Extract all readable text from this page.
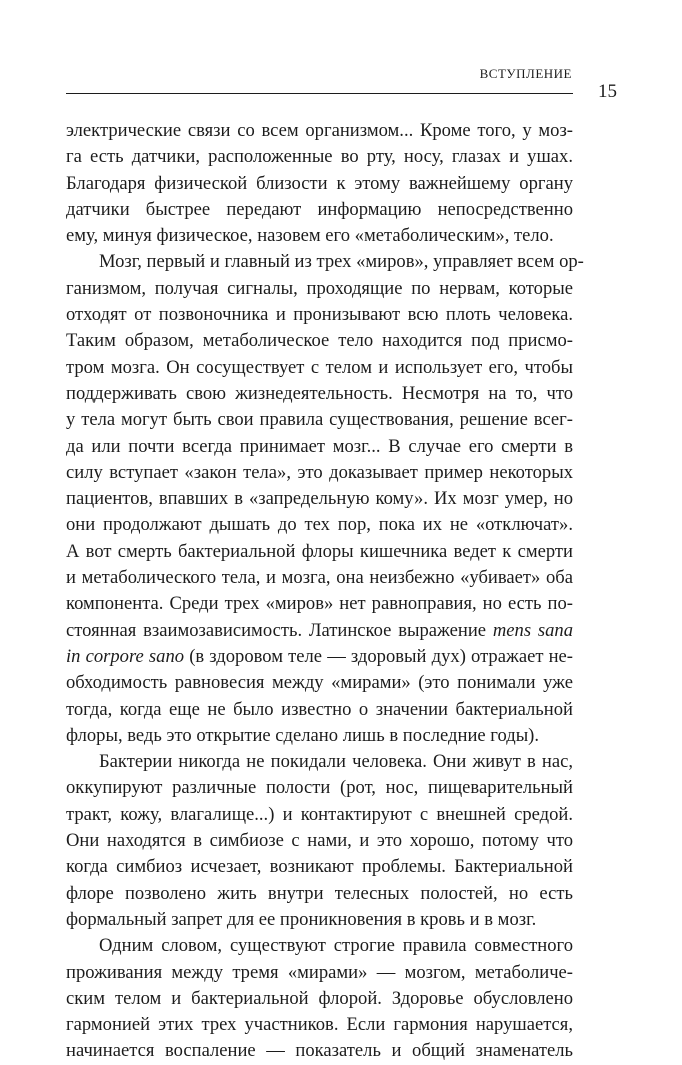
ВСТУПЛЕНИЕ
15
электрические связи со всем организмом... Кроме того, у моз-
га есть датчики, расположенные во рту, носу, глазах и ушах.
Благодаря физической близости к этому важнейшему органу
датчики быстрее передают информацию непосредственно
ему, минуя физическое, назовем его «метаболическим», тело.
Мозг, первый и главный из трех «миров», управляет всем ор-
ганизмом, получая сигналы, проходящие по нервам, которые
отходят от позвоночника и пронизывают всю плоть человека.
Таким образом, метаболическое тело находится под присмо-
тром мозга. Он сосуществует с телом и использует его, чтобы
поддерживать свою жизнедеятельность. Несмотря на то, что
у тела могут быть свои правила существования, решение всег-
да или почти всегда принимает мозг... В случае его смерти в
силу вступает «закон тела», это доказывает пример некоторых
пациентов, впавших в «запредельную кому». Их мозг умер, но
они продолжают дышать до тех пор, пока их не «отключат».
А вот смерть бактериальной флоры кишечника ведет к смерти
и метаболического тела, и мозга, она неизбежно «убивает» оба
компонента. Среди трех «миров» нет равноправия, но есть по-
стоянная взаимозависимость. Латинское выражение mens sana
in corpore sano (в здоровом теле — здоровый дух) отражает не-
обходимость равновесия между «мирами» (это понимали уже
тогда, когда еще не было известно о значении бактериальной
флоры, ведь это открытие сделано лишь в последние годы).
Бактерии никогда не покидали человека. Они живут в нас,
оккупируют различные полости (рот, нос, пищеварительный
тракт, кожу, влагалище...) и контактируют с внешней средой.
Они находятся в симбиозе с нами, и это хорошо, потому что
когда симбиоз исчезает, возникают проблемы. Бактериальной
флоре позволено жить внутри телесных полостей, но есть
формальный запрет для ее проникновения в кровь и в мозг.
Одним словом, существуют строгие правила совместного
проживания между тремя «мирами» — мозгом, метаболиче-
ским телом и бактериальной флорой. Здоровье обусловлено
гармонией этих трех участников. Если гармония нарушается,
начинается воспаление — показатель и общий знаменатель
